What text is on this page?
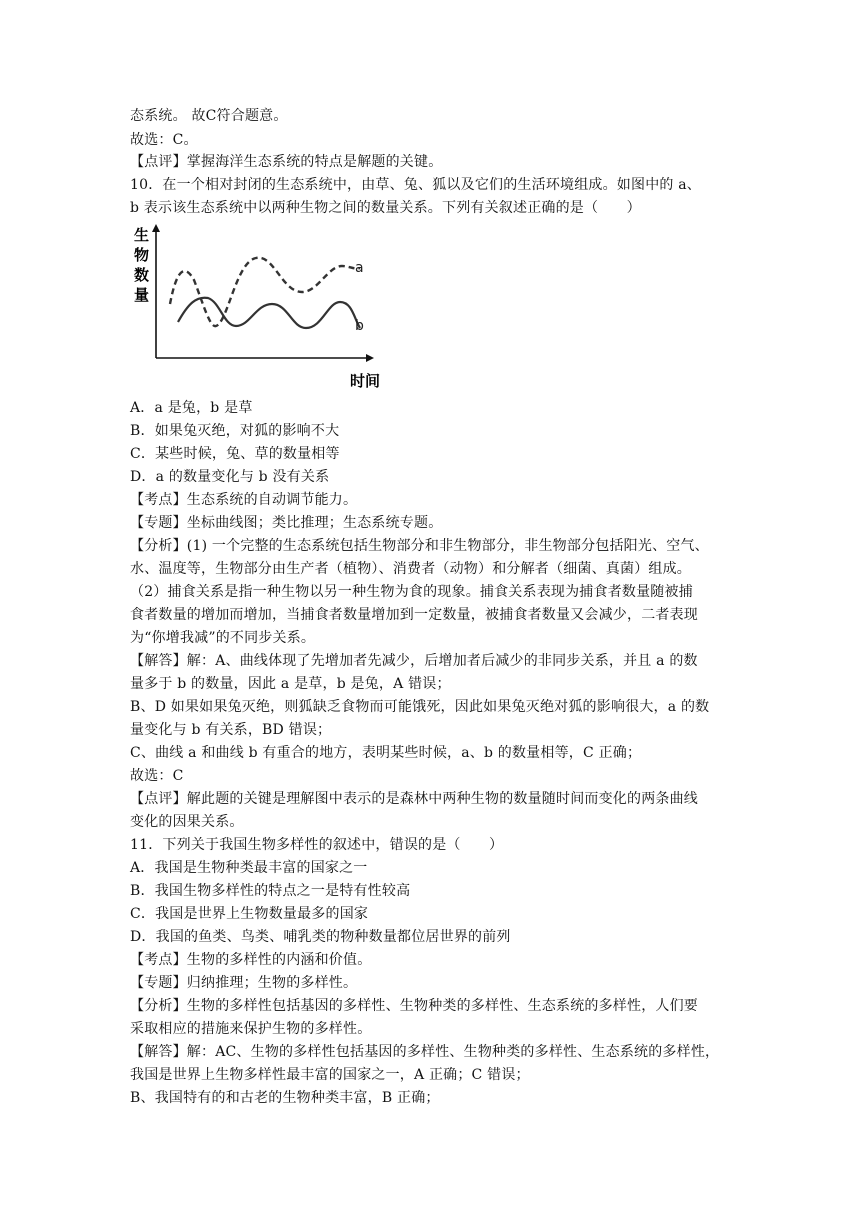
态系统。 故C符合题意。
故选：C。
【点评】掌握海洋生态系统的特点是解题的关键。
10．在一个相对封闭的生态系统中，由草、兔、狐以及它们的生活环境组成。如图中的 a、
b 表示该生态系统中以两种生物之间的数量关系。下列有关叙述正确的是（　　）
生
物
数
量
时间
a
b
A．a 是兔，b 是草
B．如果兔灭绝，对狐的影响不大
C．某些时候，兔、草的数量相等
D．a 的数量变化与 b 没有关系
【考点】生态系统的自动调节能力。
【专题】坐标曲线图；类比推理；生态系统专题。
【分析】(1) 一个完整的生态系统包括生物部分和非生物部分，非生物部分包括阳光、空气、
水、温度等，生物部分由生产者（植物）、消费者（动物）和分解者（细菌、真菌）组成。
（2）捕食关系是指一种生物以另一种生物为食的现象。捕食关系表现为捕食者数量随被捕
食者数量的增加而增加，当捕食者数量增加到一定数量，被捕食者数量又会减少，二者表现
为“你增我减”的不同步关系。
【解答】解：A、曲线体现了先增加者先减少，后增加者后减少的非同步关系，并且 a 的数
量多于 b 的数量，因此 a 是草，b 是兔，A 错误；
B、D 如果如果兔灭绝，则狐缺乏食物而可能饿死，因此如果兔灭绝对狐的影响很大，a 的数
量变化与 b 有关系，BD 错误；
C、曲线 a 和曲线 b 有重合的地方，表明某些时候，a、b 的数量相等，C 正确；
故选：C
【点评】解此题的关键是理解图中表示的是森林中两种生物的数量随时间而变化的两条曲线
变化的因果关系。
11．下列关于我国生物多样性的叙述中，错误的是（　　）
A．我国是生物种类最丰富的国家之一
B．我国生物多样性的特点之一是特有性较高
C．我国是世界上生物数量最多的国家
D．我国的鱼类、鸟类、哺乳类的物种数量都位居世界的前列
【考点】生物的多样性的内涵和价值。
【专题】归纳推理；生物的多样性。
【分析】生物的多样性包括基因的多样性、生物种类的多样性、生态系统的多样性，人们要
采取相应的措施来保护生物的多样性。
【解答】解：AC、生物的多样性包括基因的多样性、生物种类的多样性、生态系统的多样性，
我国是世界上生物多样性最丰富的国家之一，A 正确；C 错误；
B、我国特有的和古老的生物种类丰富，B 正确；
